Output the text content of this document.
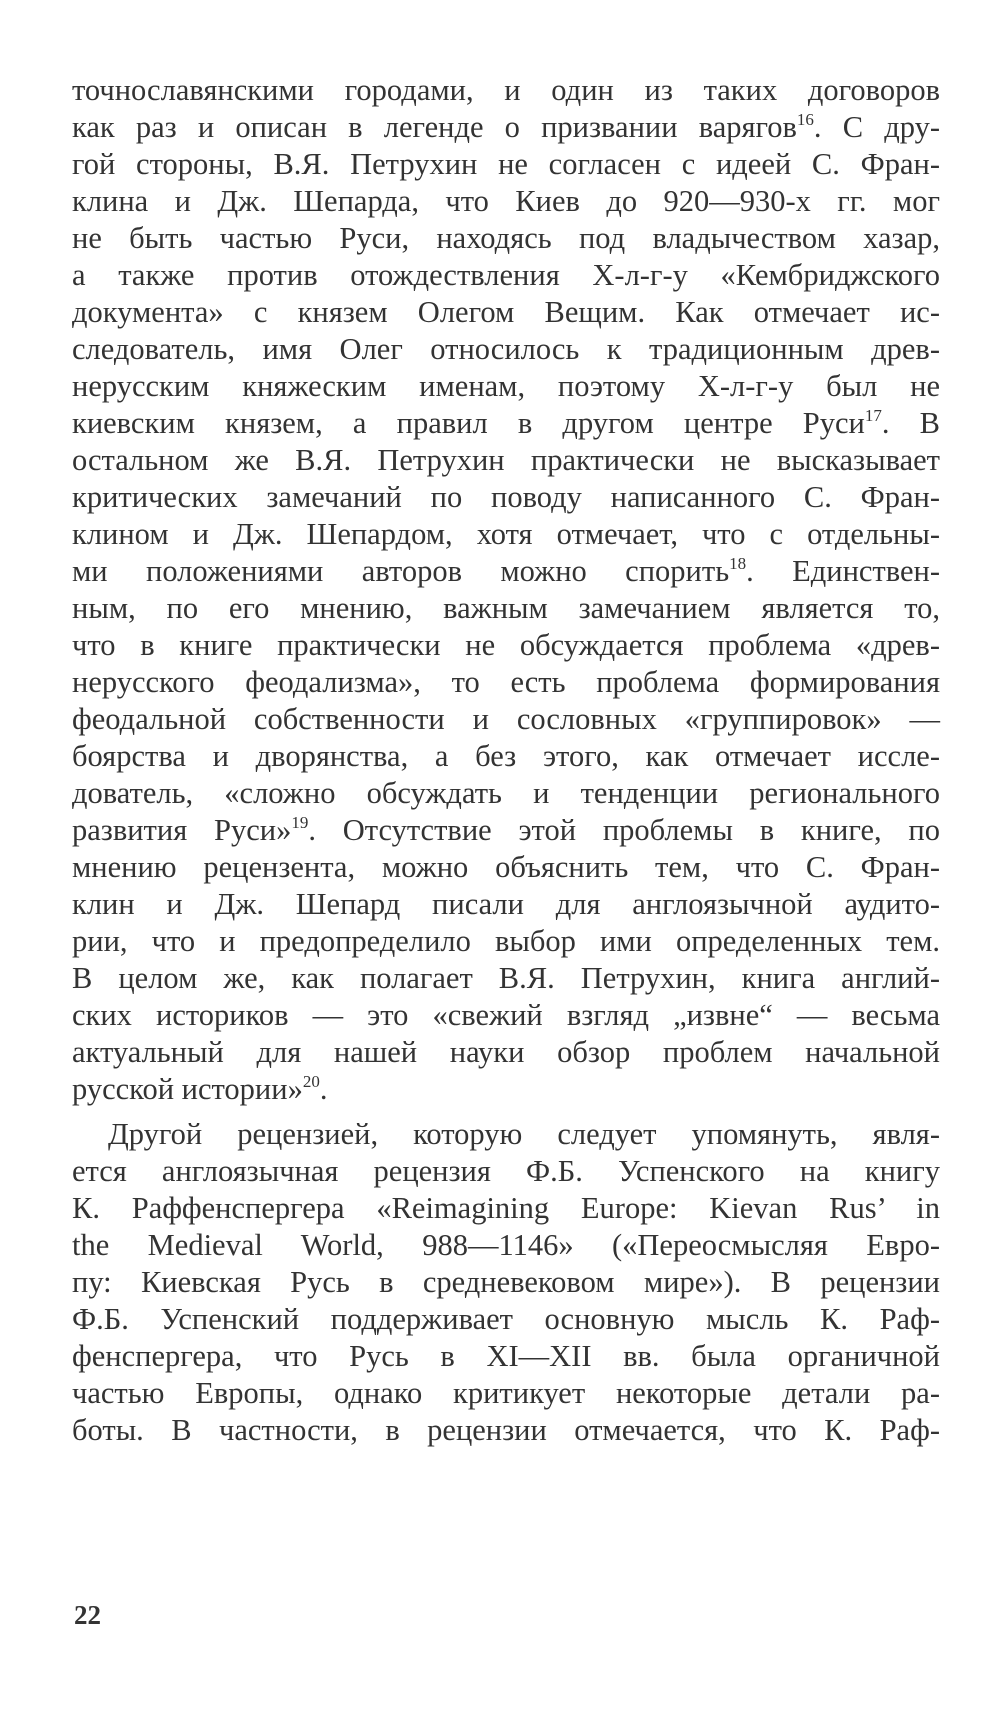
точнославянскими городами, и один из таких договоров
как раз и описан в легенде о призвании варягов$^{16}$. С дру-
гой стороны, В.Я. Петрухин не согласен с идеей С. Фран-
клина и Дж. Шепарда, что Киев до 920—930-х гг. мог
не быть частью Руси, находясь под владычеством хазар,
а также против отождествления Х-л-г-у «Кембриджского
документа» с князем Олегом Вещим. Как отмечает ис-
следователь, имя Олег относилось к традиционным древ-
нерусским княжеским именам, поэтому Х-л-г-у был не
киевским князем, а правил в другом центре Руси$^{17}$. В
остальном же В.Я. Петрухин практически не высказывает
критических замечаний по поводу написанного С. Фран-
клином и Дж. Шепардом, хотя отмечает, что с отдельны-
ми положениями авторов можно спорить$^{18}$. Единствен-
ным, по его мнению, важным замечанием является то,
что в книге практически не обсуждается проблема «древ-
нерусского феодализма», то есть проблема формирования
феодальной собственности и сословных «группировок» —
боярства и дворянства, а без этого, как отмечает иссле-
дователь, «сложно обсуждать и тенденции регионального
развития Руси»$^{19}$. Отсутствие этой проблемы в книге, по
мнению рецензента, можно объяснить тем, что С. Фран-
клин и Дж. Шепард писали для англоязычной аудито-
рии, что и предопределило выбор ими определенных тем.
В целом же, как полагает В.Я. Петрухин, книга англий-
ских историков — это «свежий взгляд „извне“ — весьма
актуальный для нашей науки обзор проблем начальной
русской истории»$^{20}$.
Другой рецензией, которую следует упомянуть, явля-
ется англоязычная рецензия Ф.Б. Успенского на книгу
К. Раффенспергера «Reimagining Europe: Kievan Rus’ in
the Medieval World, 988—1146» («Переосмысляя Евро-
пу: Киевская Русь в средневековом мире»). В рецензии
Ф.Б. Успенский поддерживает основную мысль К. Раф-
фенспергера, что Русь в XI—XII вв. была органичной
частью Европы, однако критикует некоторые детали ра-
боты. В частности, в рецензии отмечается, что К. Раф-
22
